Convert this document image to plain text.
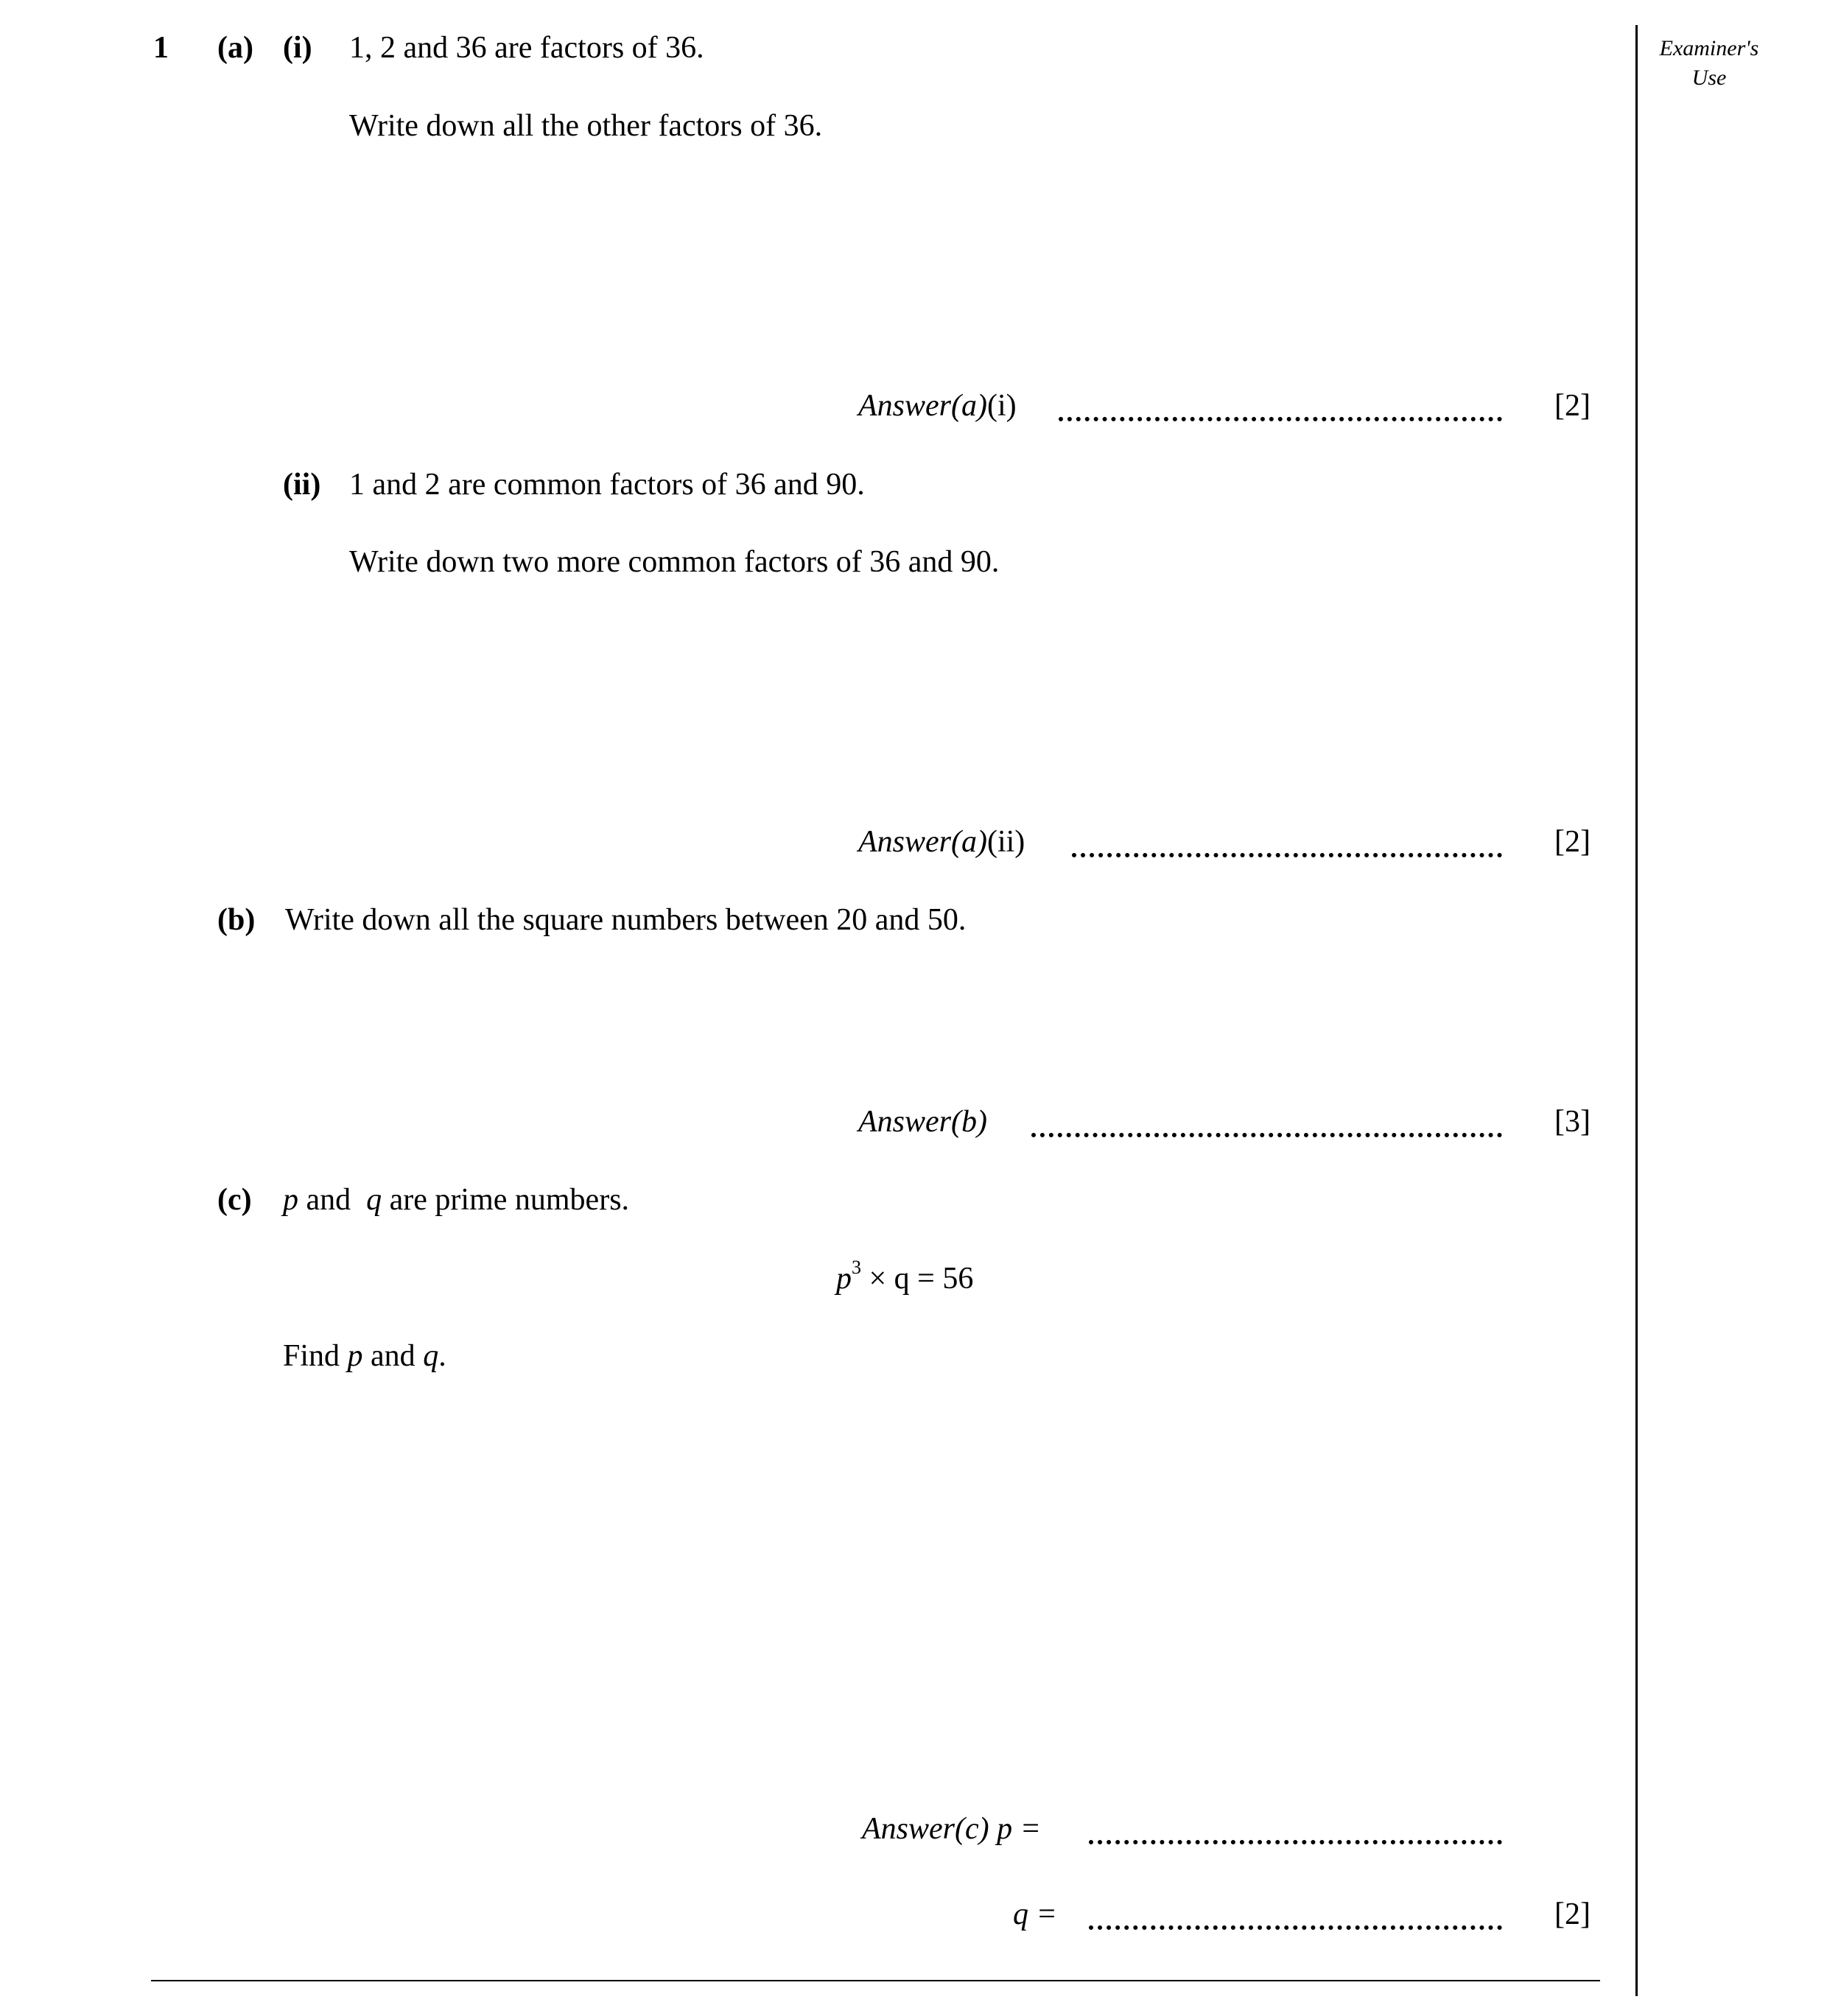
Examiner's
Use
1 (a) (i) 1, 2 and 36 are factors of 36.
Write down all the other factors of 36.
Answer(a)(i)	[2]
(ii) 1 and 2 are common factors of 36 and 90.
Write down two more common factors of 36 and 90.
Answer(a)(ii)	[2]
(b) Write down all the square numbers between 20 and 50.
Answer(b)	[3]
(c) p and q are prime numbers.
$p^3 \times q = 56$
Find p and q.
Answer(c) p =
q =	[2]
